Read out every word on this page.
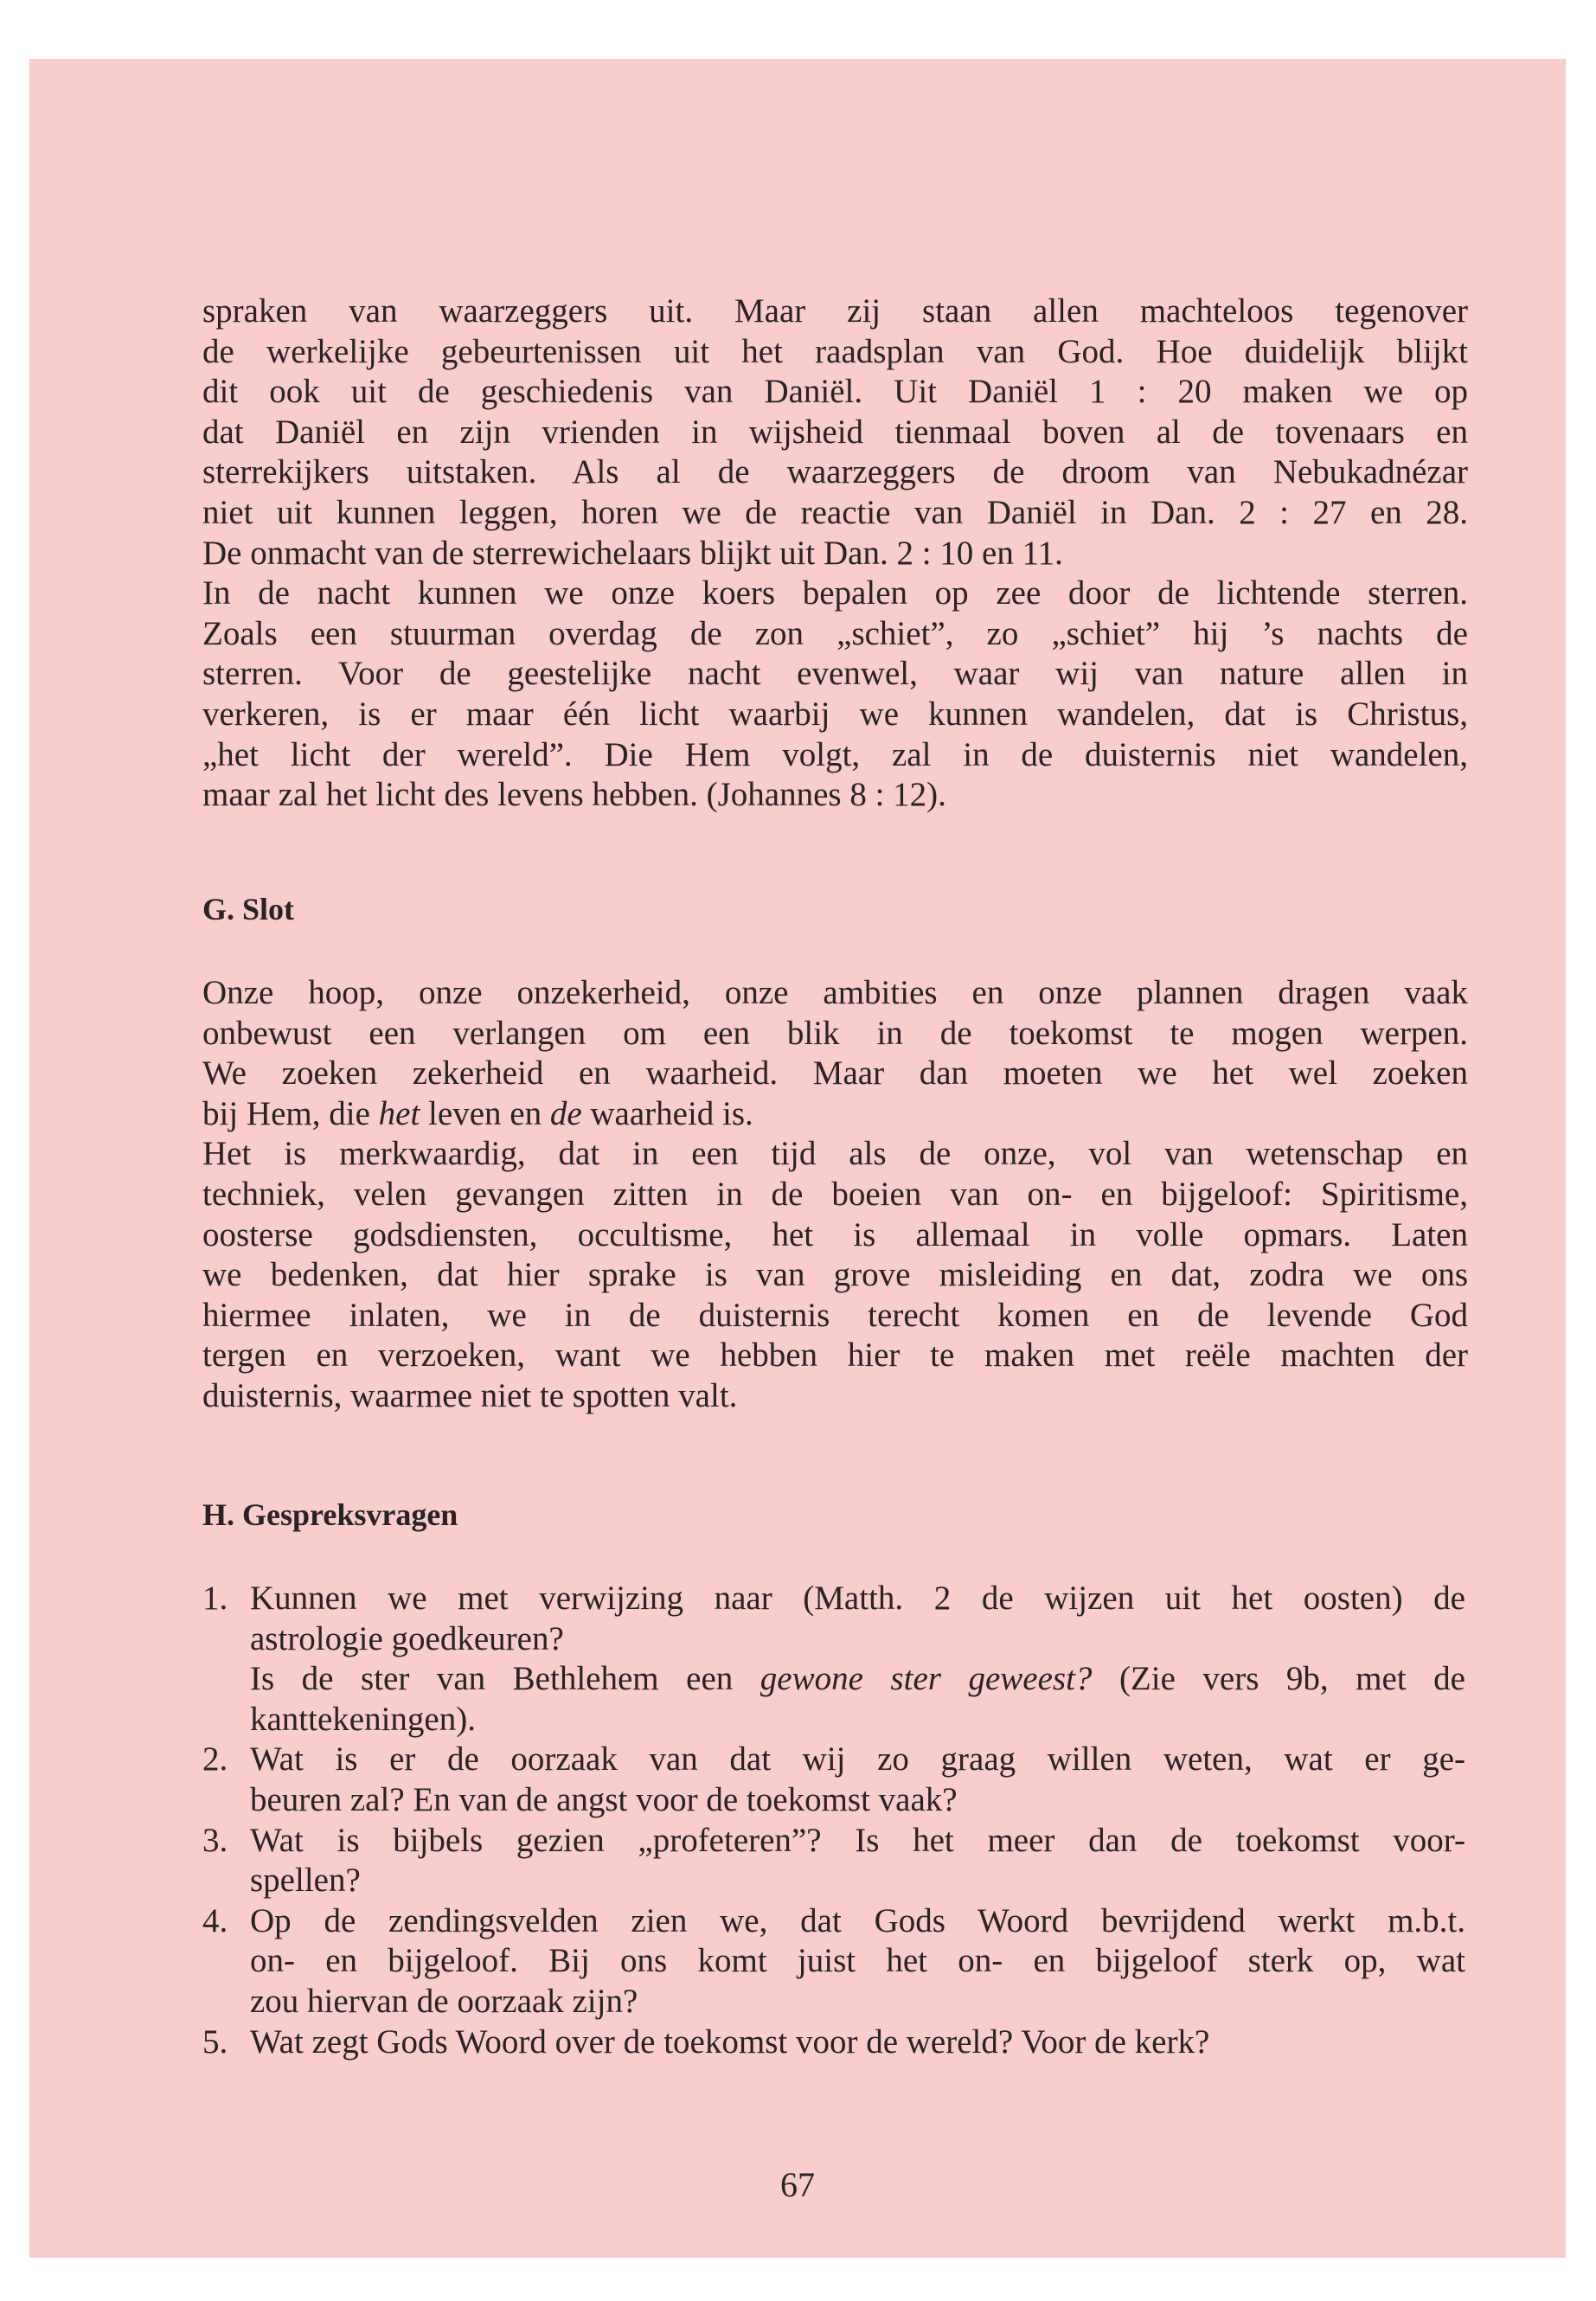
spraken van waarzeggers uit. Maar zij staan allen machteloos tegenover
de werkelijke gebeurtenissen uit het raadsplan van God. Hoe duidelijk blijkt
dit ook uit de geschiedenis van Daniël. Uit Daniël 1 : 20 maken we op
dat Daniël en zijn vrienden in wijsheid tienmaal boven al de tovenaars en
sterrekijkers uitstaken. Als al de waarzeggers de droom van Nebukadnézar
niet uit kunnen leggen, horen we de reactie van Daniël in Dan. 2 : 27 en 28.
De onmacht van de sterrewichelaars blijkt uit Dan. 2 : 10 en 11.
In de nacht kunnen we onze koers bepalen op zee door de lichtende sterren.
Zoals een stuurman overdag de zon „schiet”, zo „schiet” hij ’s nachts de
sterren. Voor de geestelijke nacht evenwel, waar wij van nature allen in
verkeren, is er maar één licht waarbij we kunnen wandelen, dat is Christus,
„het licht der wereld”. Die Hem volgt, zal in de duisternis niet wandelen,
maar zal het licht des levens hebben. (Johannes 8 : 12).
G. Slot
Onze hoop, onze onzekerheid, onze ambities en onze plannen dragen vaak
onbewust een verlangen om een blik in de toekomst te mogen werpen.
We zoeken zekerheid en waarheid. Maar dan moeten we het wel zoeken
bij Hem, die het leven en de waarheid is.
Het is merkwaardig, dat in een tijd als de onze, vol van wetenschap en
techniek, velen gevangen zitten in de boeien van on- en bijgeloof: Spiritisme,
oosterse godsdiensten, occultisme, het is allemaal in volle opmars. Laten
we bedenken, dat hier sprake is van grove misleiding en dat, zodra we ons
hiermee inlaten, we in de duisternis terecht komen en de levende God
tergen en verzoeken, want we hebben hier te maken met reële machten der
duisternis, waarmee niet te spotten valt.
H. Gespreksvragen
1. Kunnen we met verwijzing naar (Matth. 2 de wijzen uit het oosten) de
astrologie goedkeuren?
Is de ster van Bethlehem een gewone ster geweest? (Zie vers 9b, met de
kanttekeningen).
2. Wat is er de oorzaak van dat wij zo graag willen weten, wat er ge-
beuren zal? En van de angst voor de toekomst vaak?
3. Wat is bijbels gezien „profeteren”? Is het meer dan de toekomst voor-
spellen?
4. Op de zendingsvelden zien we, dat Gods Woord bevrijdend werkt m.b.t.
on- en bijgeloof. Bij ons komt juist het on- en bijgeloof sterk op, wat
zou hiervan de oorzaak zijn?
5. Wat zegt Gods Woord over de toekomst voor de wereld? Voor de kerk?
67
